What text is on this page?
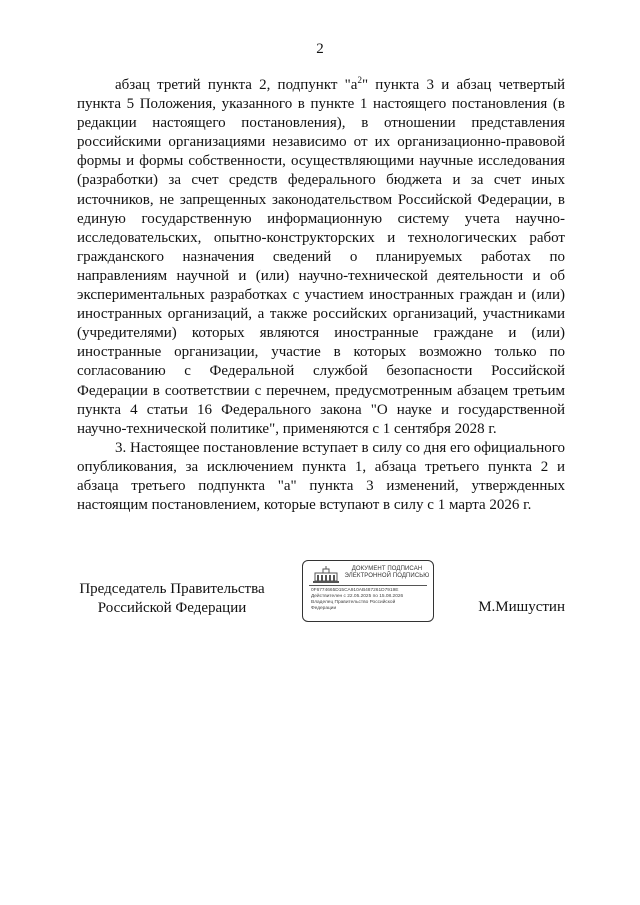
2

абзац третий пункта 2, подпункт "$а^2$" пункта 3 и абзац четвертый пункта 5 Положения, указанного в пункте 1 настоящего постановления (в редакции настоящего постановления), в отношении представления российскими организациями независимо от их организационно-правовой формы и формы собственности, осуществляющими научные исследования (разработки) за счет средств федерального бюджета и за счет иных источников, не запрещенных законодательством Российской Федерации, в единую государственную информационную систему учета научно-исследовательских, опытно-конструкторских и технологических работ гражданского назначения сведений о планируемых работах по направлениям научной и (или) научно-технической деятельности и об экспериментальных разработках с участием иностранных граждан и (или) иностранных организаций, а также российских организаций, участниками (учредителями) которых являются иностранные граждане и (или) иностранные организации, участие в которых возможно только по согласованию с Федеральной службой безопасности Российской Федерации в соответствии с перечнем, предусмотренным абзацем третьим пункта 4 статьи 16 Федерального закона "О науке и государственной научно-технической политике", применяются с 1 сентября 2028 г.

3. Настоящее постановление вступает в силу со дня его официального опубликования, за исключением пункта 1, абзаца третьего пункта 2 и абзаца третьего подпункта "а" пункта 3 изменений, утвержденных настоящим постановлением, которые вступают в силу с 1 марта 2026 г.

Председатель Правительства
Российской Федерации
ДОКУМЕНТ ПОДПИСАН
ЭЛЕКТРОННОЙ ПОДПИСЬЮ
0F6774665D15CA910AB487261D7919E
Действителен с 22.05.2025 по 15.08.2026
Владелец Правительство Российской
Федерации	М.Мишустин
